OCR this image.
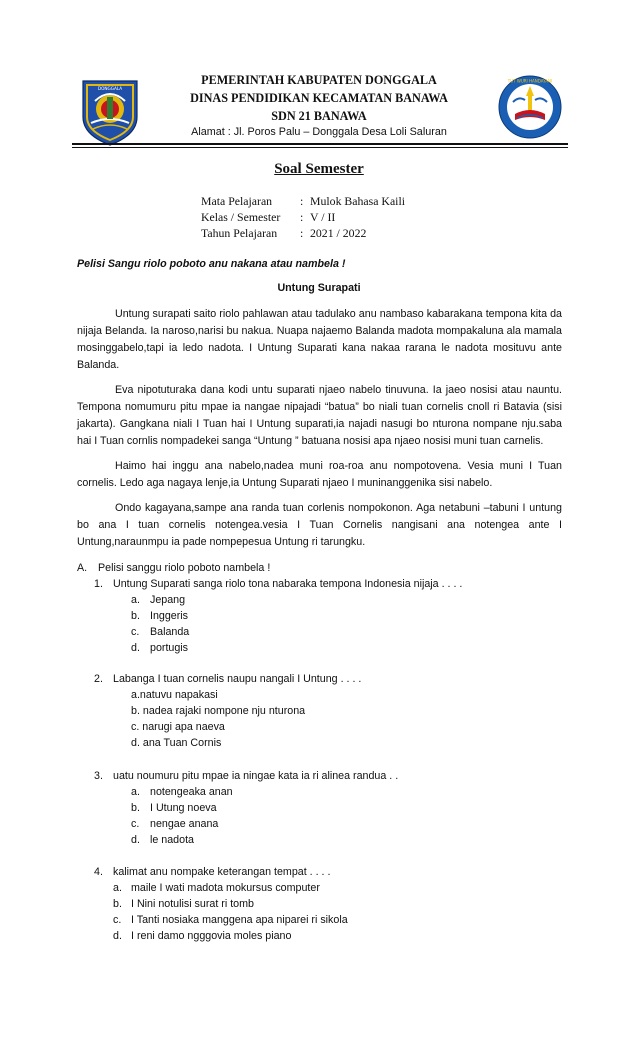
DONGGALA
TUT WURI HANDAYANI
PEMERINTAH KABUPATEN DONGGALA
DINAS PENDIDIKAN KECAMATAN BANAWA
SDN 21 BANAWA
Alamat : Jl. Poros Palu – Donggala Desa Loli Saluran
Soal Semester
Mata Pelajaran : Mulok Bahasa Kaili
Kelas / Semester : V / II
Tahun Pelajaran : 2021 / 2022
Pelisi Sangu riolo poboto anu nakana atau nambela !
Untung Surapati

Untung surapati saito riolo pahlawan atau tadulako anu nambaso kabarakana tempona kita da nijaja Belanda. Ia naroso,narisi bu nakua. Nuapa najaemo Balanda madota mompakaluna ala mamala mosinggabelo,tapi ia ledo nadota. I Untung Suparati kana nakaa rarana le nadota mosituvu ante Balanda.

Eva nipotuturaka dana kodi untu suparati njaeo nabelo tinuvuna. Ia jaeo nosisi atau nauntu. Tempona nomumuru pitu mpae ia nangae nipajadi “batua” bo niali tuan cornelis cnoll ri Batavia (sisi jakarta). Gangkana niali I Tuan hai I Untung suparati,ia najadi nasugi bo nturona nompane nju.saba hai I Tuan cornlis nompadekei sanga “Untung ” batuana nosisi apa njaeo nosisi muni tuan carnelis.

Haimo hai inggu ana nabelo,nadea muni roa-roa anu nompotovena. Vesia muni I Tuan cornelis. Ledo aga nagaya lenje,ia Untung Suparati njaeo I muninanggenika sisi nabelo.

Ondo kagayana,sampe ana randa tuan corlenis nompokonon. Aga netabuni –tabuni I untung bo ana I tuan cornelis notengea.vesia I Tuan Cornelis nangisani ana notengea ante I Untung,naraunmpu ia pade nompepesua Untung ri tarungku.

A. Pelisi sanggu riolo poboto nambela !
1. Untung Suparati sanga riolo tona nabaraka tempona Indonesia nijaja . . . .
a. Jepang
b. Inggeris
c. Balanda
d. portugis
2. Labanga I tuan cornelis naupu nangali I Untung . . . .
a.natuvu napakasi
b. nadea rajaki nompone nju nturona
c. narugi apa naeva
d. ana Tuan Cornis
3. uatu noumuru pitu mpae ia ningae kata ia ri alinea randua . .
a. notengeaka anan
b. I Utung noeva
c. nengae anana
d. le nadota
4. kalimat anu nompake keterangan tempat . . . .
a. maile I wati madota mokursus computer
b. I Nini notulisi surat ri tomb
c. I Tanti nosiaka manggena apa niparei ri sikola
d. I reni damo ngggovia moles piano
